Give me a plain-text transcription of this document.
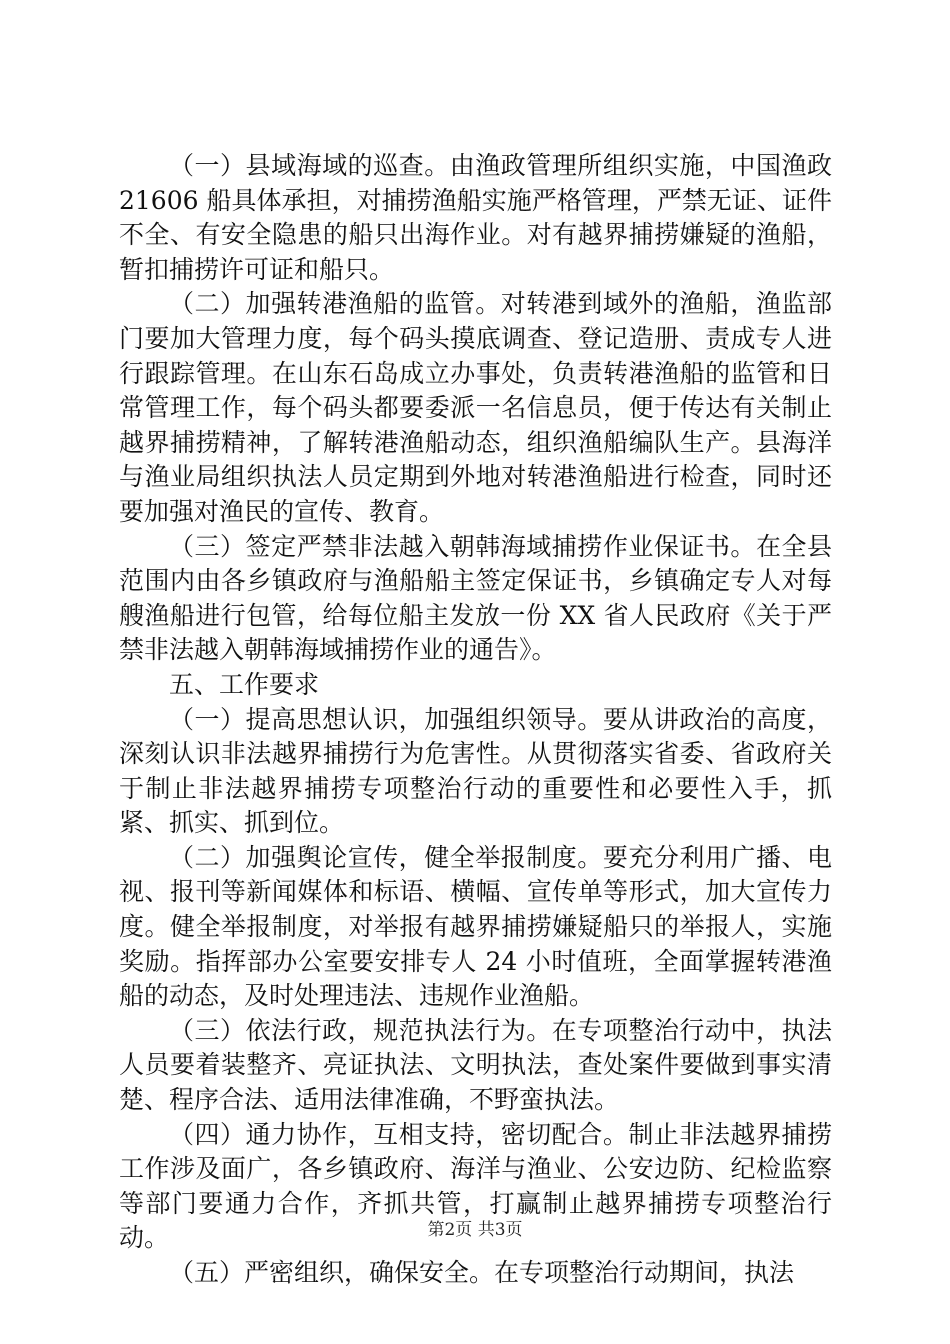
（一）县域海域的巡查。由渔政管理所组织实施，中国渔政 21606 船具体承担，对捕捞渔船实施严格管理，严禁无证、证件不全、有安全隐患的船只出海作业。对有越界捕捞嫌疑的渔船，暂扣捕捞许可证和船只。

（二）加强转港渔船的监管。对转港到域外的渔船，渔监部门要加大管理力度，每个码头摸底调查、登记造册、责成专人进行跟踪管理。在山东石岛成立办事处，负责转港渔船的监管和日常管理工作，每个码头都要委派一名信息员，便于传达有关制止越界捕捞精神，了解转港渔船动态，组织渔船编队生产。县海洋与渔业局组织执法人员定期到外地对转港渔船进行检查，同时还要加强对渔民的宣传、教育。

（三）签定严禁非法越入朝韩海域捕捞作业保证书。在全县范围内由各乡镇政府与渔船船主签定保证书，乡镇确定专人对每艘渔船进行包管，给每位船主发放一份 XX 省人民政府《关于严禁非法越入朝韩海域捕捞作业的通告》。

五、工作要求

（一）提高思想认识，加强组织领导。要从讲政治的高度，深刻认识非法越界捕捞行为危害性。从贯彻落实省委、省政府关于制止非法越界捕捞专项整治行动的重要性和必要性入手，抓紧、抓实、抓到位。

（二）加强舆论宣传，健全举报制度。要充分利用广播、电视、报刊等新闻媒体和标语、横幅、宣传单等形式，加大宣传力度。健全举报制度，对举报有越界捕捞嫌疑船只的举报人，实施奖励。指挥部办公室要安排专人 24 小时值班，全面掌握转港渔船的动态，及时处理违法、违规作业渔船。

（三）依法行政，规范执法行为。在专项整治行动中，执法人员要着装整齐、亮证执法、文明执法，查处案件要做到事实清楚、程序合法、适用法律准确，不野蛮执法。

（四）通力协作，互相支持，密切配合。制止非法越界捕捞工作涉及面广，各乡镇政府、海洋与渔业、公安边防、纪检监察等部门要通力合作，齐抓共管，打赢制止越界捕捞专项整治行动。

（五）严密组织，确保安全。在专项整治行动期间，执法

第2页 共3页
